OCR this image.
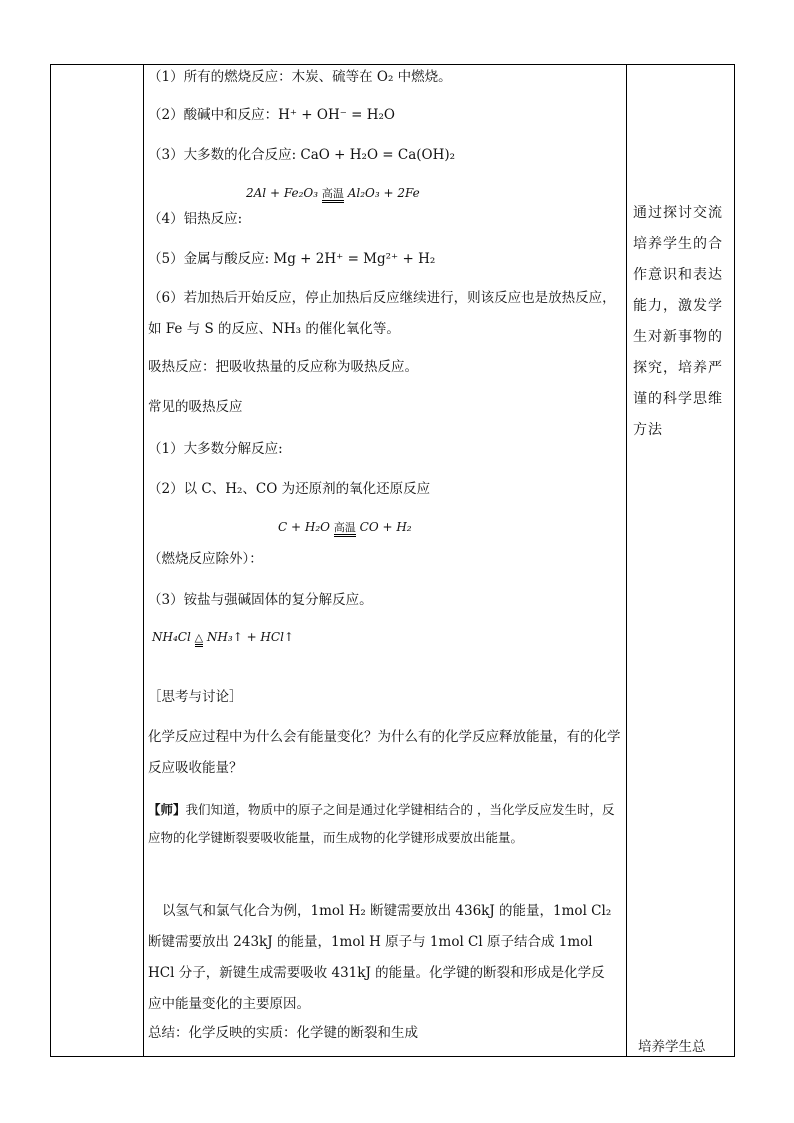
（1）所有的燃烧反应：木炭、硫等在 O₂ 中燃烧。
（2）酸碱中和反应：H⁺ + OH⁻ = H₂O
（3）大多数的化合反应: CaO + H₂O = Ca(OH)₂
2Al + Fe₂O₃ 高温 Al₂O₃ + 2Fe
（4）铝热反应:
（5）金属与酸反应: Mg + 2H⁺ = Mg²⁺ + H₂
（6）若加热后开始反应，停止加热后反应继续进行，则该反应也是放热反应，如 Fe 与 S 的反应、NH₃ 的催化氧化等。
吸热反应：把吸收热量的反应称为吸热反应。
常见的吸热反应
（1）大多数分解反应:
（2）以 C、H₂、CO 为还原剂的氧化还原反应
C + H₂O 高温 CO + H₂
（燃烧反应除外）：
（3）铵盐与强碱固体的复分解反应。
NH₄Cl △ NH₃↑ + HCl↑
［思考与讨论］
化学反应过程中为什么会有能量变化？为什么有的化学反应释放能量，有的化学反应吸收能量？
【师】我们知道，物质中的原子之间是通过化学键相结合的 ，当化学反应发生时，反应物的化学键断裂要吸收能量，而生成物的化学键形成要放出能量。
以氢气和氯气化合为例，1mol H₂ 断键需要放出 436kJ 的能量，1mol Cl₂ 断键需要放出 243kJ 的能量，1mol H 原子与 1mol Cl 原子结合成 1mol HCl 分子，新键生成需要吸收 431kJ 的能量。化学键的断裂和形成是化学反应中能量变化的主要原因。
总结：化学反映的实质：化学键的断裂和生成
通过探讨交流培养学生的合作意识和表达能力，激发学生对新事物的探究，培养严谨的科学思维方法
培养学生总
